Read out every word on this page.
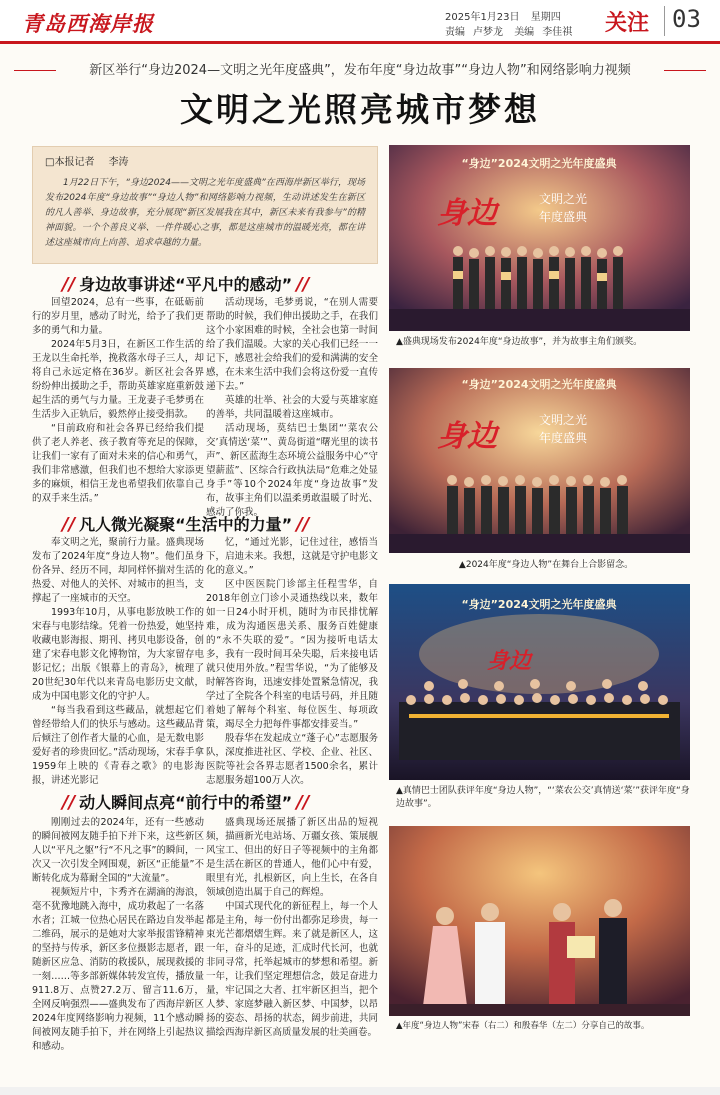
青岛西海岸报	2025年1月23日 星期四
责编 卢梦龙 美编 李佳祺	关注 03
新区举行“身边2024—文明之光年度盛典”，发布年度“身边故事”“身边人物”和网络影响力视频
文明之光照亮城市梦想
□本报记者 李涛
1月22日下午，“身边2024——文明之光年度盛典”在西海岸新区举行，现场发布2024年度“身边故事”“身边人物”和网络影响力视频，生动讲述发生在新区的凡人善举、身边故事，充分展现“新区发展我在其中，新区未来有我参与”的精神面貌。一个个善良义举、一件件暖心之事，都是这座城市的温暖光亮，都在讲述这座城市向上向善、追求卓越的力量。
// 身边故事讲述“平凡中的感动” //

回望2024，总有一些事，在砥砺前行的岁月里，感动了时光，给予了我们更多的勇气和力量。

2024年5月3日，在新区工作生活的王龙以生命托举，挽救落水母子三人，却将自己永远定格在36岁。新区社会各界纷纷伸出援助之手，帮助英雄家庭重新鼓起生活的勇气与力量。王龙妻子毛梦勇在生活步入正轨后，毅然停止接受捐款。

“目前政府和社会各界已经给我们提供了老人养老、孩子教育等充足的保障，让我们一家有了面对未来的信心和勇气，我们非常感激，但我们也不想给大家添更多的麻烦，相信王龙也希望我们依靠自己的双手来生活。”

活动现场，毛梦勇说，“在别人需要帮助的时候，我们伸出援助之手，在我们这个小家困难的时候，全社会也第一时间给了我们温暖。大家的关心我们已经一一记下，感恩社会给我们的爱和满满的安全感，在未来生活中我们会将这份爱一直传递下去。”

英雄的壮举、社会的大爱与英雄家庭的善举，共同温暖着这座城市。

活动现场，莫结巴士集团“‘菜农公交’真情送‘菜’”、黄岛街道“曙光里的读书声”、新区蓝海生态环境公益服务中心“守望薪蓝”、区综合行政执法局“危难之处显身手”等10个2024年度“身边故事”发布，故事主角们以温柔勇敢温暖了时光、感动了你我。

// 凡人微光凝聚“生活中的力量” //

奉文明之光，聚前行力量。盛典现场发布了2024年度“身边人物”。他们虽身份各异、经历不同，却同样怀揣对生活的热爱、对他人的关怀、对城市的担当，支撑起了一座城市的天空。

1993年10月，从事电影放映工作的宋春与电影结缘。凭着一份热爱，她坚持收藏电影海报、期刊、拷贝电影设备，创建了宋春电影文化博物馆，为大家留存电影记忆；出版《银幕上的青岛》，梳理了20世纪30年代以来青岛电影历史文献，成为中国电影文化的守护人。

“每当我看到这些藏品，就想起它们曾经带给人们的快乐与感动。这些藏品背后倾注了创作者大量的心血，是无数电影爱好者的珍贵回忆。”活动现场，宋春手拿1959年上映的《青春之歌》的电影海报，讲述光影记

忆，“通过光影，记住过往，感悟当下，启迪未来。我想，这就是守护电影文化的意义。”

区中医医院门诊部主任程雪华，自2018年创立门诊小灵通热线以来，数年如一日24小时开机，随时为市民排忧解难，成为沟通医患关系、服务百姓健康的“永不失联的爱”。“因为接听电话太多，我有一段时间耳朵失聪，后来接电话就只使用外放。”程雪华说，“为了能够及时解答咨询，迅速安排处置紧急情况，我学过了全院各个科室的电话号码，并且随着她了解每个科室、每位医生、每项政策，竭尽全力把每件事都安排妥当。”

殷春华在发起成立“蓬子心”志愿服务队，深度推进社区、学校、企业、社区、医院等社会各界志愿者1500余名，累计志愿服务超100万人次。

// 动人瞬间点亮“前行中的希望” //

刚刚过去的2024年，还有一些感动的瞬间被网友随手拍下并下来，这些新区人以“平凡之躯”行“不凡之事”的瞬间，一次又一次引发全网围观，新区“正能量”不断转化成为幕耐全国的“大流量”。

视频短片中，卞秀齐在湖滴的海浪，毫不犹豫地跳入海中，成功救起了一名落水者；江城一位热心居民在路边自发举起二维码，展示的是她对大家举报雷锋精神的坚持与传承，新区多位摄影志愿者，跟随新区应急、消防的救援队，展现救援的一刻……等多部新媒体转发宣传，播放量911.8万、点赞27.2万、留言11.6万，全网反响强烈——盛典发布了西海岸新区2024年度网络影响力视频，11个感动瞬间被网友随手拍下，并在网络上引起热议和感动。

盛典现场还展播了新区出品的短视频，描画新光电站场、万疆女孩、策展舰风宝工、但出的好日子等视频中的主角都是生活在新区的普通人，他们心中有爱，眼里有光，扎根新区，向上生长，在各自领域创造出属于自己的辉煌。

中国式现代化的新征程上，每一个人都是主角，每一份付出都弥足珍贵，每一束光芒都熠熠生辉。来了就是新区人，这一年，奋斗的足迹，汇成时代长河，也就非同寻常，托举起城市的梦想和希望。新一年，让我们坚定理想信念，鼓足奋进力量，牢记国之大者、扛牢新区担当，把个人梦、家庭梦融入新区梦、中国梦，以昂扬的姿态、昂扬的状态，阔步前进，共同描绘西海岸新区高质量发展的壮美画卷。

“身边”2024文明之光年度盛典
身边	文明之光
年度盛典
▲盛典现场发布2024年度“身边故事”，并为故事主角们颁奖。
“身边”2024文明之光年度盛典
身边	文明之光
年度盛典
▲2024年度“身边人物”在舞台上合影留念。
“身边”2024文明之光年度盛典
身边
▲真情巴士团队获评年度“身边人物”，“‘菜农公交’真情送‘菜’”获评年度“身边故事”。
▲年度“身边人物”宋春（右二）和殷春华（左二）分享自己的故事。
